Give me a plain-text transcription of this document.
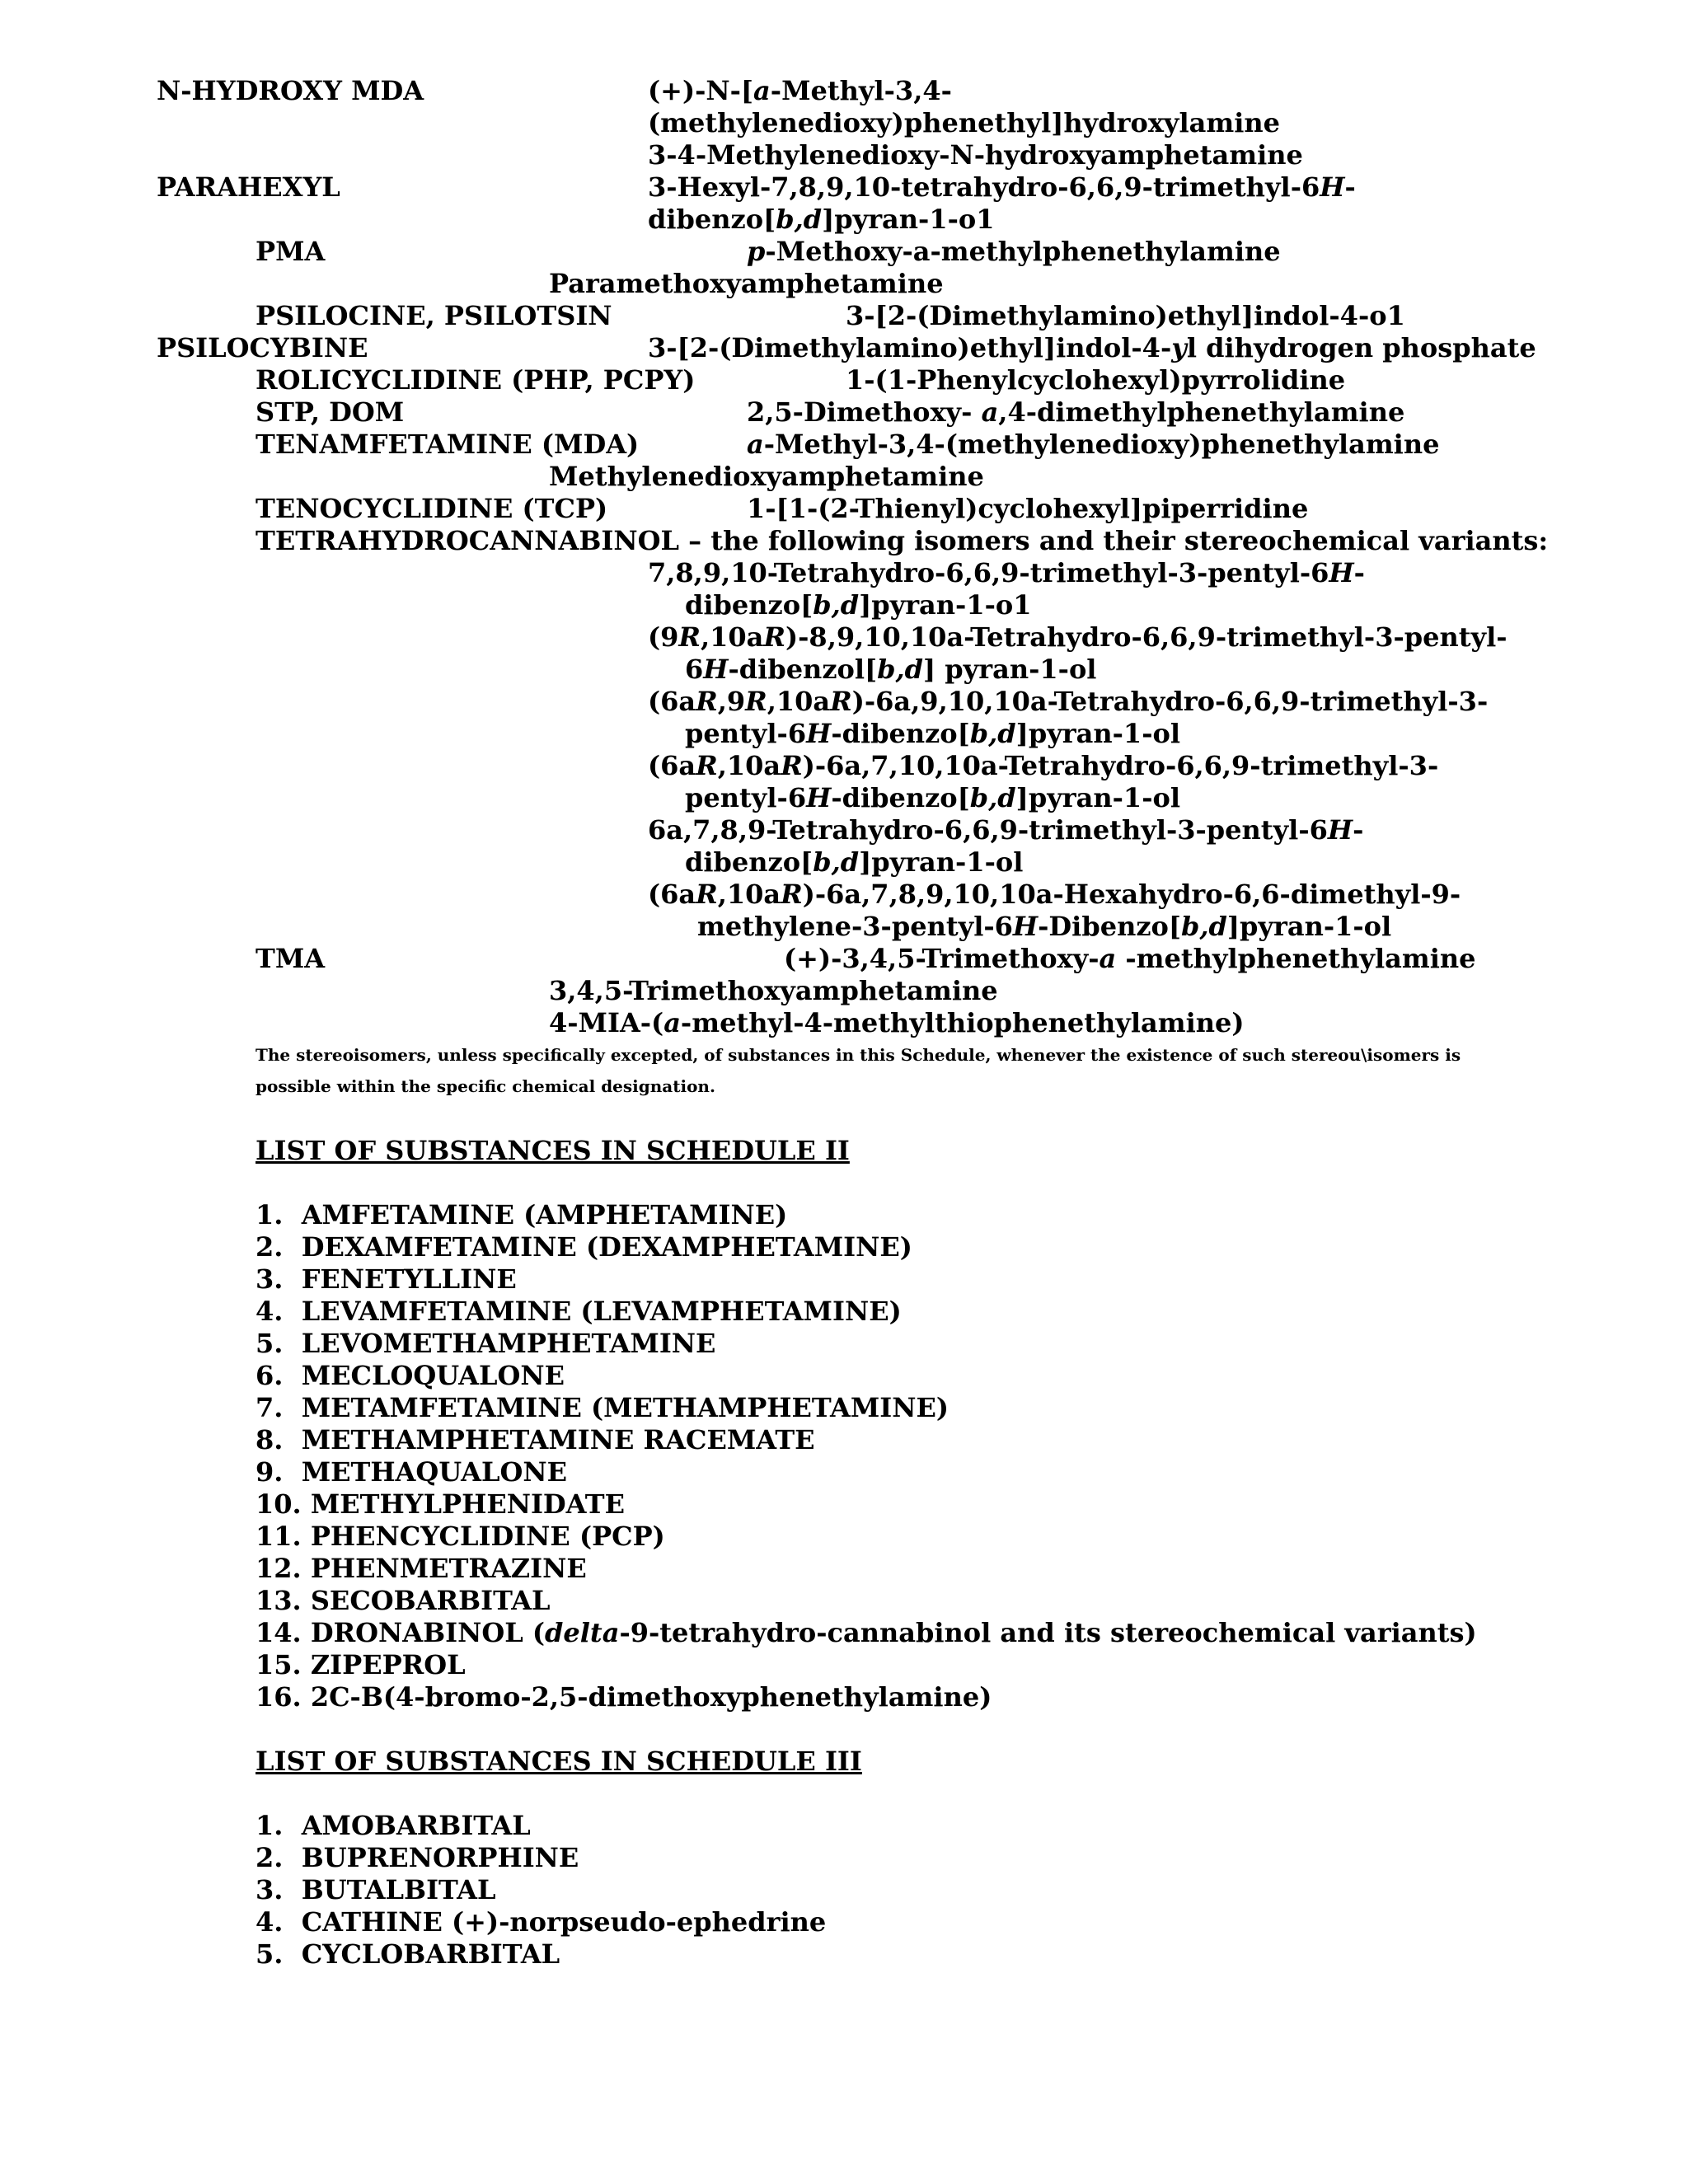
N-HYDROXY MDA	(+)-N-[a-Methyl-3,4-
(methylenedioxy)phenethyl]hydroxylamine
3-4-Methylenedioxy-N-hydroxyamphetamine
PARAHEXYL	3-Hexyl-7,8,9,10-tetrahydro-6,6,9-trimethyl-6H-
dibenzo[b,d]pyran-1-o1
PMA	p-Methoxy-a-methylphenethylamine
Paramethoxyamphetamine
PSILOCINE, PSILOTSIN	3-[2-(Dimethylamino)ethyl]indol-4-o1
PSILOCYBINE	3-[2-(Dimethylamino)ethyl]indol-4-yl dihydrogen phosphate
ROLICYCLIDINE (PHP, PCPY)	1-(1-Phenylcyclohexyl)pyrrolidine
STP, DOM	2,5-Dimethoxy- a,4-dimethylphenethylamine
TENAMFETAMINE (MDA)	a-Methyl-3,4-(methylenedioxy)phenethylamine
Methylenedioxyamphetamine
TENOCYCLIDINE (TCP)	1-[1-(2-Thienyl)cyclohexyl]piperridine
TETRAHYDROCANNABINOL – the following isomers and their stereochemical variants:
7,8,9,10-Tetrahydro-6,6,9-trimethyl-3-pentyl-6H-
dibenzo[b,d]pyran-1-o1
(9R,10aR)-8,9,10,10a-Tetrahydro-6,6,9-trimethyl-3-pentyl-
6H-dibenzol[b,d] pyran-1-ol
(6aR,9R,10aR)-6a,9,10,10a-Tetrahydro-6,6,9-trimethyl-3-
pentyl-6H-dibenzo[b,d]pyran-1-ol
(6aR,10aR)-6a,7,10,10a-Tetrahydro-6,6,9-trimethyl-3-
pentyl-6H-dibenzo[b,d]pyran-1-ol
6a,7,8,9-Tetrahydro-6,6,9-trimethyl-3-pentyl-6H-
dibenzo[b,d]pyran-1-ol
(6aR,10aR)-6a,7,8,9,10,10a-Hexahydro-6,6-dimethyl-9-
methylene-3-pentyl-6H-Dibenzo[b,d]pyran-1-ol
TMA	(+)-3,4,5-Trimethoxy-a -methylphenethylamine
3,4,5-Trimethoxyamphetamine
4-MIA-(a-methyl-4-methylthiophenethylamine)
The stereoisomers, unless specifically excepted, of substances in this Schedule, whenever the existence of such stereou\isomers is
possible within the specific chemical designation.
LIST OF SUBSTANCES IN SCHEDULE II
1.  AMFETAMINE (AMPHETAMINE)
2.  DEXAMFETAMINE (DEXAMPHETAMINE)
3.  FENETYLLINE
4.  LEVAMFETAMINE (LEVAMPHETAMINE)
5.  LEVOMETHAMPHETAMINE
6.  MECLOQUALONE
7.  METAMFETAMINE (METHAMPHETAMINE)
8.  METHAMPHETAMINE RACEMATE
9.  METHAQUALONE
10. METHYLPHENIDATE
11. PHENCYCLIDINE (PCP)
12. PHENMETRAZINE
13. SECOBARBITAL
14. DRONABINOL (delta-9-tetrahydro-cannabinol and its stereochemical variants)
15. ZIPEPROL
16. 2C-B(4-bromo-2,5-dimethoxyphenethylamine)
LIST OF SUBSTANCES IN SCHEDULE III
1.  AMOBARBITAL
2.  BUPRENORPHINE
3.  BUTALBITAL
4.  CATHINE (+)-norpseudo-ephedrine
5.  CYCLOBARBITAL
